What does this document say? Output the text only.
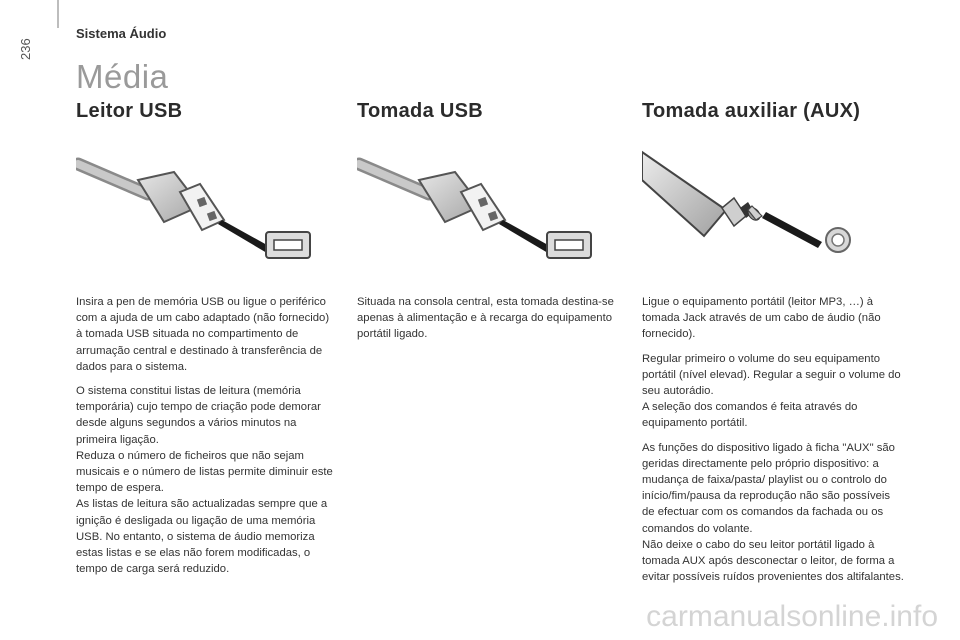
236
Sistema Áudio
Média
Leitor USB

Insira a pen de memória USB ou ligue o periférico com a ajuda de um cabo adaptado (não fornecido) à tomada USB situada no compartimento de arrumação central e destinado à transferência de dados para o sistema.

O sistema constitui listas de leitura (memória temporária) cujo tempo de criação pode demorar desde alguns segundos a vários minutos na primeira ligação.

Reduza o número de ficheiros que não sejam musicais e o número de listas permite diminuir este tempo de espera.

As listas de leitura são actualizadas sempre que a ignição é desligada ou ligação de uma memória USB. No entanto, o sistema de áudio memoriza estas listas e se elas não forem modificadas, o tempo de carga será reduzido.

Tomada USB

Situada na consola central, esta tomada destina-se apenas à alimentação e à recarga do equipamento portátil ligado.

Tomada auxiliar (AUX)

Ligue o equipamento portátil (leitor MP3, …) à tomada Jack através de um cabo de áudio (não fornecido).

Regular primeiro o volume do seu equipamento portátil (nível elevad). Regular a seguir o volume do seu autorádio.

A seleção dos comandos é feita através do equipamento portátil.

As funções do dispositivo ligado à ficha "AUX" são geridas directamente pelo próprio dispositivo: a mudança de faixa/pasta/ playlist ou o controlo do início/fim/pausa da reprodução não são possíveis de efectuar com os comandos da fachada ou os comandos do volante.

Não deixe o cabo do seu leitor portátil ligado à tomada AUX após desconectar o leitor, de forma a evitar possíveis ruídos provenientes dos altifalantes.

carmanualsonline.info
